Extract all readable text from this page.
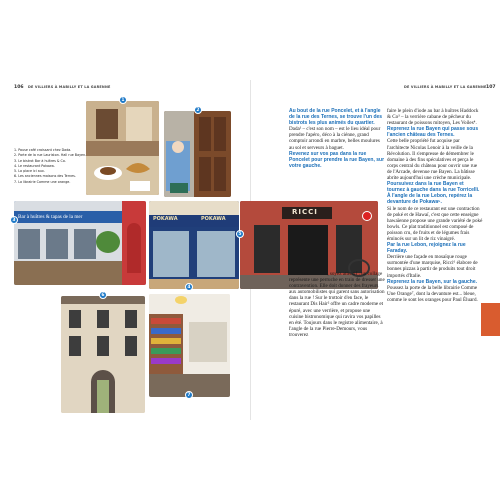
106 DE VILLIERS À MABILLY ET LA GARENNE	DE VILLIERS À MABILLY ET LA GARENNE 107
1
2
1. Pause café croissant chez Dada.
2. Porte de la rue Lauriston. Hall rue Bayen.
3. Le bistrot Bar à huîtres & Co.
4. Le restaurant Pokawa.
5. La place ici aux.
6. Les anciennes maisons des Ternes.
7. La librairie Comme une orange.
Bar à huîtres & tapas de la mer
3	POKAWA	POKAWA
4
RICCI
5
6
7

Au bout de la rue Poncelet, et à l'angle de la rue des Ternes, se trouve l'un des bistrots les plus animés du quartier.

Dada¹ – c'est son nom – est le lieu idéal pour prendre l'apéro, déco à la ciénne, grand comptoir arrondi en marbre, belles moulures au sol et serveurs à baguet.

Revenez sur vos pas dans la rue Poncelet pour prendre la rue Bayen, sur votre gauche.

À hauteur du nº 29, soyez attentif : un collage représente une perruche en train de dresser une contravention. Elle doit donner des frayeurs aux automobilistes qui garent sans autorisation dans la rue ! Sur le trottoir d'en face, le restaurant Dis Hair² offre un cadre moderne et épuré, avec une verrière, et propose une cuisine bistronomique qui ravira vos papilles en été. Toujours dans le registre alimentaire, à l'angle de la rue Pierre-Demours, vous trouverez

faire le plein d'iode au bar à huîtres Haddock & Co³ – la verrière cabane de pêcheur du restaurant de poissons mitoyen, Les Voiles⁴.

Reprenez la rue Bayen qui passe sous l'ancien château des Ternes.

Cette belle propriété fut acquise par l'architecte Nicolas Lenoir à la veille de la Révolution. Il s'empresse de démembrer le domaine à des fins spéculatives et perça le corps central du château pour ouvrir une rue de l'Arcade, devenue rue Bayen. La bâtisse abrite aujourd'hui une crèche municipale.

Poursuivez dans la rue Bayen et tournez à gauche dans la rue Torricelli. À l'angle de la rue Lebon, repérez la devanture de Pokawa⁵.

Si le nom de ce restaurant est une contraction de poké et de Hawaï, c'est que cette enseigne hawaïenne propose une grande variété de poké bowls. Ce plat traditionnel est composé de poisson cru, de fruits et de légumes frais émincés sur un lit de riz vinaigré.

Par la rue Lebon, rejoignez la rue Faraday.

Derrière une façade en mosaïque rouge surmontée d'une marquise, Ricci⁶ élabore de bonnes pizzas à partir de produits tout droit importés d'Italie.

Reprenez la rue Bayen, sur la gauche.

Poussez la porte de la belle librairie Comme Une Orange⁷, dont la devanture est... bleue, comme le sont les oranges pour Paul Éluard.
